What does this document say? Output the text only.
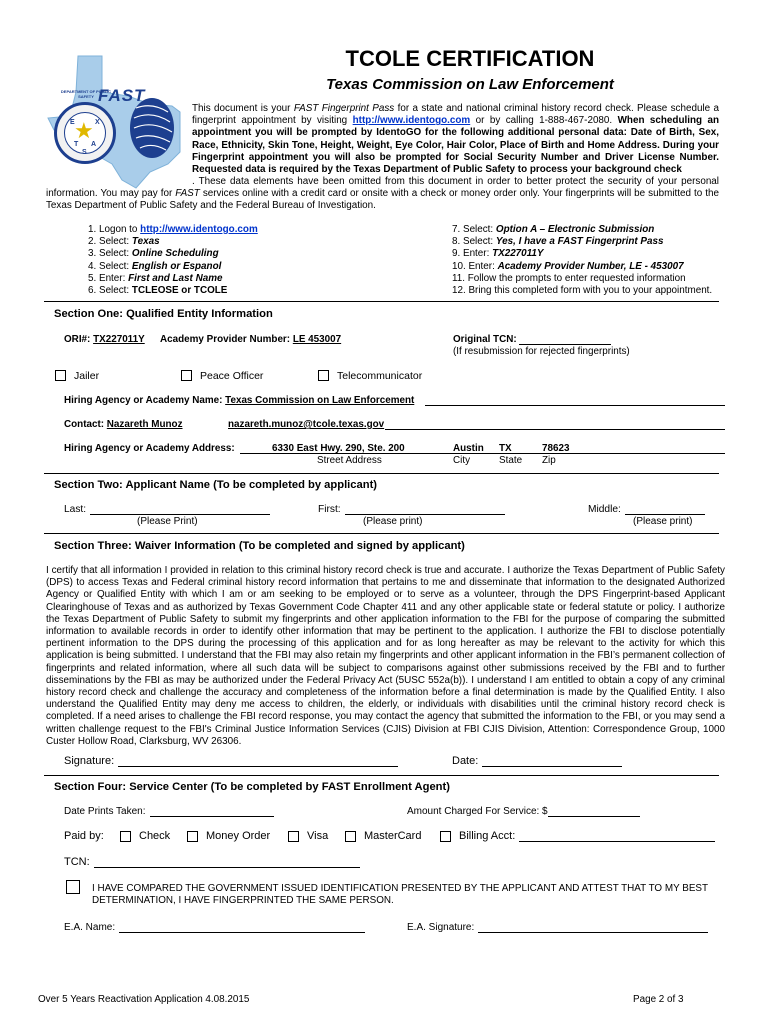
FAST
★
E	X
T A
S
DEPARTMENT OF PUBLIC SAFETY
TCOLE CERTIFICATION
Texas Commission on Law Enforcement
This document is your FAST Fingerprint Pass for a state and national criminal history record check. Please schedule a fingerprint appointment by visiting http://www.identogo.com or by calling 1-888-467-2080. When scheduling an appointment you will be prompted by IdentoGO for the following additional personal data: Date of Birth, Sex, Race, Ethnicity, Skin Tone, Height, Weight, Eye Color, Hair Color, Place of Birth and Home Address. During your Fingerprint appointment you will also be prompted for Social Security Number and Driver License Number. Requested data is required by the Texas Department of Public Safety to process your background check
. These data elements have been omitted from this document in order to better protect the security of your personal information. You may pay for FAST services online with a credit card or onsite with a check or money order only. Your fingerprints will be submitted to the Texas Department of Public Safety and the Federal Bureau of Investigation.
1. Logon to http://www.identogo.com
2. Select: Texas
3. Select: Online Scheduling
4. Select: English or Espanol
5. Enter: First and Last Name
6. Select: TCLEOSE or TCOLE
7. Select: Option A – Electronic Submission
8. Select: Yes, I have a FAST Fingerprint Pass
9. Enter: TX227011Y
10. Enter: Academy Provider Number, LE - 453007
11. Follow the prompts to enter requested information
12. Bring this completed form with you to your appointment.
Section One: Qualified Entity Information
ORI#: TX227011Y Academy Provider Number: LE 453007	Original TCN:
(If resubmission for rejected fingerprints)
Jailer	Peace Officer	Telecommunicator
Hiring Agency or Academy Name: Texas Commission on Law Enforcement
Contact: Nazareth Munoz	nazareth.munoz@tcole.texas.gov
Hiring Agency or Academy Address:	6330 East Hwy. 290, Ste. 200	Austin TX	78623
Street Address	City	State Zip
Section Two: Applicant Name (To be completed by applicant)
Last:	First:	Middle:
(Please Print)	(Please print)	(Please print)
Section Three: Waiver Information (To be completed and signed by applicant)

I certify that all information I provided in relation to this criminal history record check is true and accurate. I authorize the Texas Department of Public Safety (DPS) to access Texas and Federal criminal history record information that pertains to me and disseminate that information to the designated Authorized Agency or Qualified Entity with which I am or am seeking to be employed or to serve as a volunteer, through the DPS Fingerprint-based Applicant Clearinghouse of Texas and as authorized by Texas Government Code Chapter 411 and any other applicable state or federal statute or policy. I authorize the Texas Department of Public Safety to submit my fingerprints and other application information to the FBI for the purpose of comparing the submitted information to available records in order to identify other information that may be pertinent to the application. I authorize the FBI to disclose potentially pertinent information to the DPS during the processing of this application and for as long hereafter as may be relevant to the activity for which this application is being submitted. I understand that the FBI may also retain my fingerprints and other applicant information in the FBI’s permanent collection of fingerprints and related information, where all such data will be subject to comparisons against other submissions received by the FBI and to further disseminations by the FBI as may be authorized under the Federal Privacy Act (5USC 552a(b)). I understand I am entitled to obtain a copy of any criminal history record check and challenge the accuracy and completeness of the information before a final determination is made by the Qualified Entity. I also understand the Qualified Entity may deny me access to children, the elderly, or individuals with disabilities until the criminal history record check is completed. If a need arises to challenge the FBI record response, you may contact the agency that submitted the information to the FBI, or you may send a written challenge request to the FBI's Criminal Justice Information Services (CJIS) Division at FBI CJIS Division, Attention: Correspondence Group, 1000 Custer Hollow Road, Clarksburg, WV 26306.

Signature:	Date:
Section Four: Service Center (To be completed by FAST Enrollment Agent)
Date Prints Taken:	Amount Charged For Service: $
Paid by:	Check	Money Order	Visa	MasterCard	Billing Acct:
TCN:
I HAVE COMPARED THE GOVERNMENT ISSUED IDENTIFICATION PRESENTED BY THE APPLICANT AND ATTEST THAT TO MY BEST DETERMINATION, I HAVE FINGERPRINTED THE SAME PERSON.
E.A. Name:	E.A. Signature:
Over 5 Years Reactivation Application 4.08.2015	Page 2 of 3
